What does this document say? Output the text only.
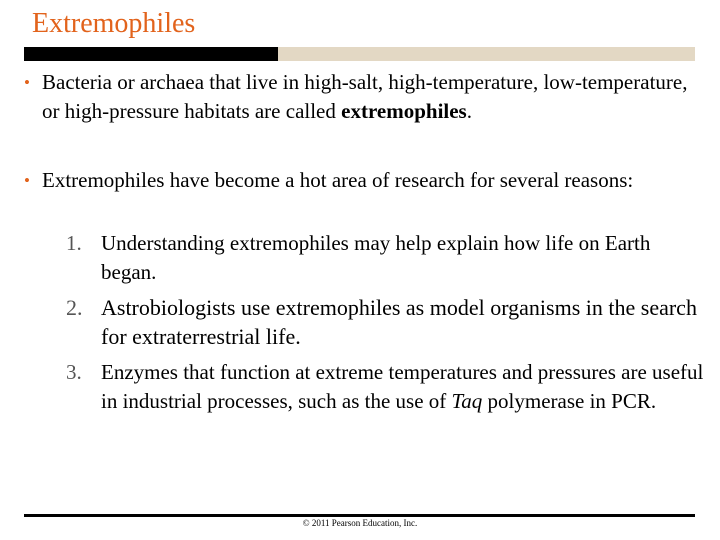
Extremophiles
• Bacteria or archaea that live in high-salt, high-temperature, low-temperature, or high-pressure habitats are called extremophiles.
• Extremophiles have become a hot area of research for several reasons:
1. Understanding extremophiles may help explain how life on Earth began.
2. Astrobiologists use extremophiles as model organisms in the search for extraterrestrial life.
3. Enzymes that function at extreme temperatures and pressures are useful in industrial processes, such as the use of Taq polymerase in PCR.
© 2011 Pearson Education, Inc.
